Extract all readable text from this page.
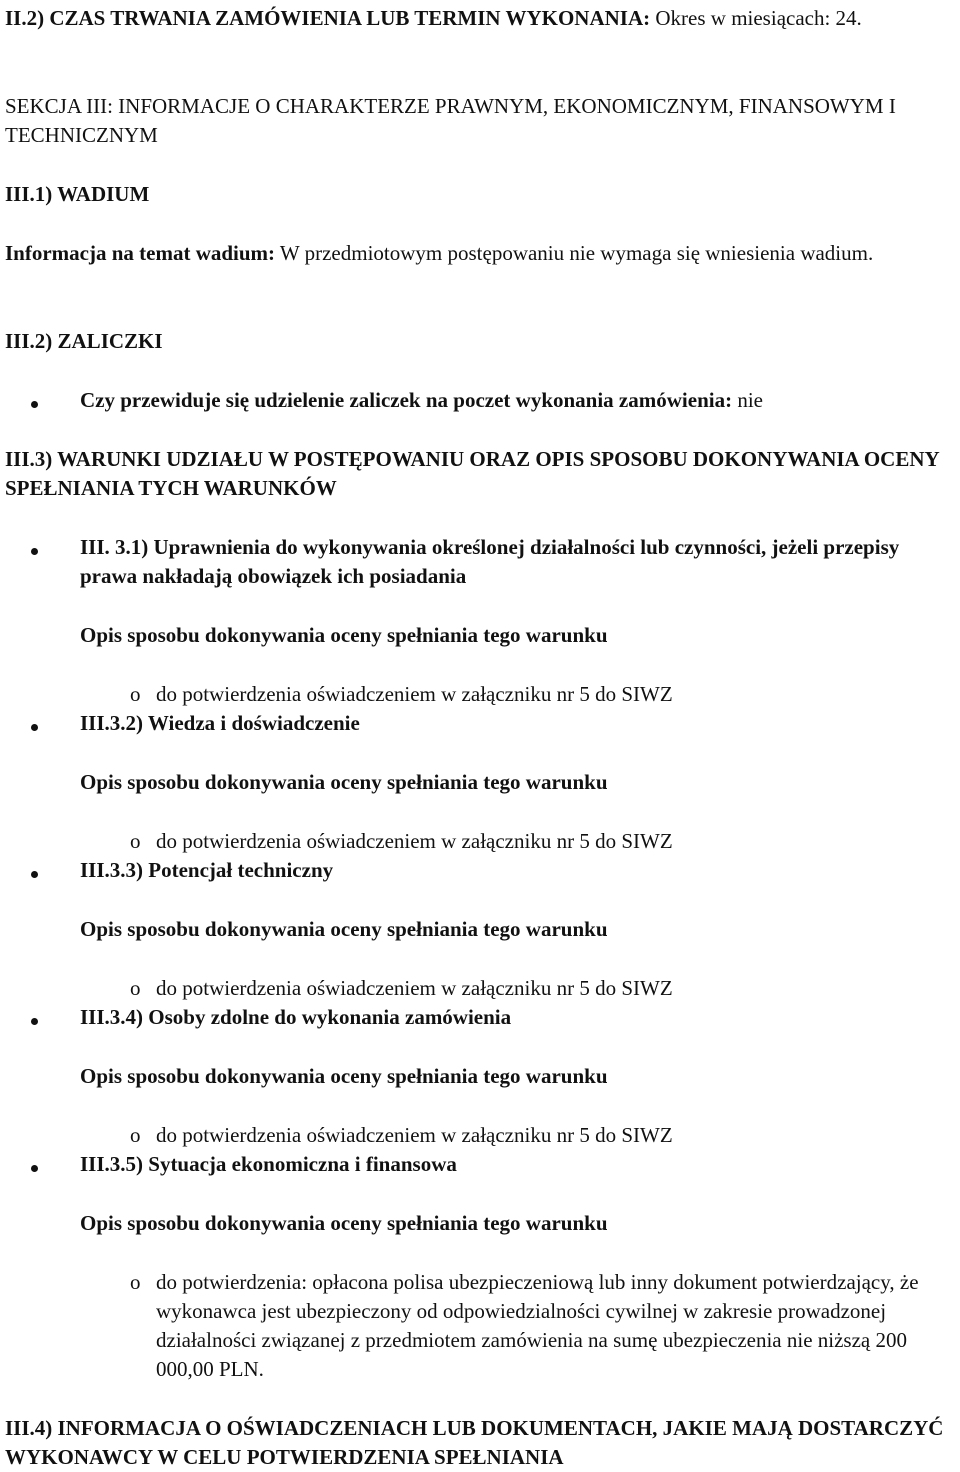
II.2) CZAS TRWANIA ZAMÓWIENIA LUB TERMIN WYKONANIA: Okres w miesiącach: 24.
SEKCJA III: INFORMACJE O CHARAKTERZE PRAWNYM, EKONOMICZNYM, FINANSOWYM I TECHNICZNYM
III.1) WADIUM
Informacja na temat wadium: W przedmiotowym postępowaniu nie wymaga się wniesienia wadium.
III.2) ZALICZKI
Czy przewiduje się udzielenie zaliczek na poczet wykonania zamówienia: nie
III.3) WARUNKI UDZIAŁU W POSTĘPOWANIU ORAZ OPIS SPOSOBU DOKONYWANIA OCENY SPEŁNIANIA TYCH WARUNKÓW
III. 3.1) Uprawnienia do wykonywania określonej działalności lub czynności, jeżeli przepisy prawa nakładają obowiązek ich posiadania
Opis sposobu dokonywania oceny spełniania tego warunku
o do potwierdzenia oświadczeniem w załączniku nr 5 do SIWZ
III.3.2) Wiedza i doświadczenie
Opis sposobu dokonywania oceny spełniania tego warunku
o do potwierdzenia oświadczeniem w załączniku nr 5 do SIWZ
III.3.3) Potencjał techniczny
Opis sposobu dokonywania oceny spełniania tego warunku
o do potwierdzenia oświadczeniem w załączniku nr 5 do SIWZ
III.3.4) Osoby zdolne do wykonania zamówienia
Opis sposobu dokonywania oceny spełniania tego warunku
o do potwierdzenia oświadczeniem w załączniku nr 5 do SIWZ
III.3.5) Sytuacja ekonomiczna i finansowa
Opis sposobu dokonywania oceny spełniania tego warunku
o do potwierdzenia: opłacona polisa ubezpieczeniową lub inny dokument potwierdzający, że wykonawca jest ubezpieczony od odpowiedzialności cywilnej w zakresie prowadzonej działalności związanej z przedmiotem zamówienia na sumę ubezpieczenia nie niższą 200 000,00 PLN.
III.4) INFORMACJA O OŚWIADCZENIACH LUB DOKUMENTACH, JAKIE MAJĄ DOSTARCZYĆ WYKONAWCY W CELU POTWIERDZENIA SPEŁNIANIA
